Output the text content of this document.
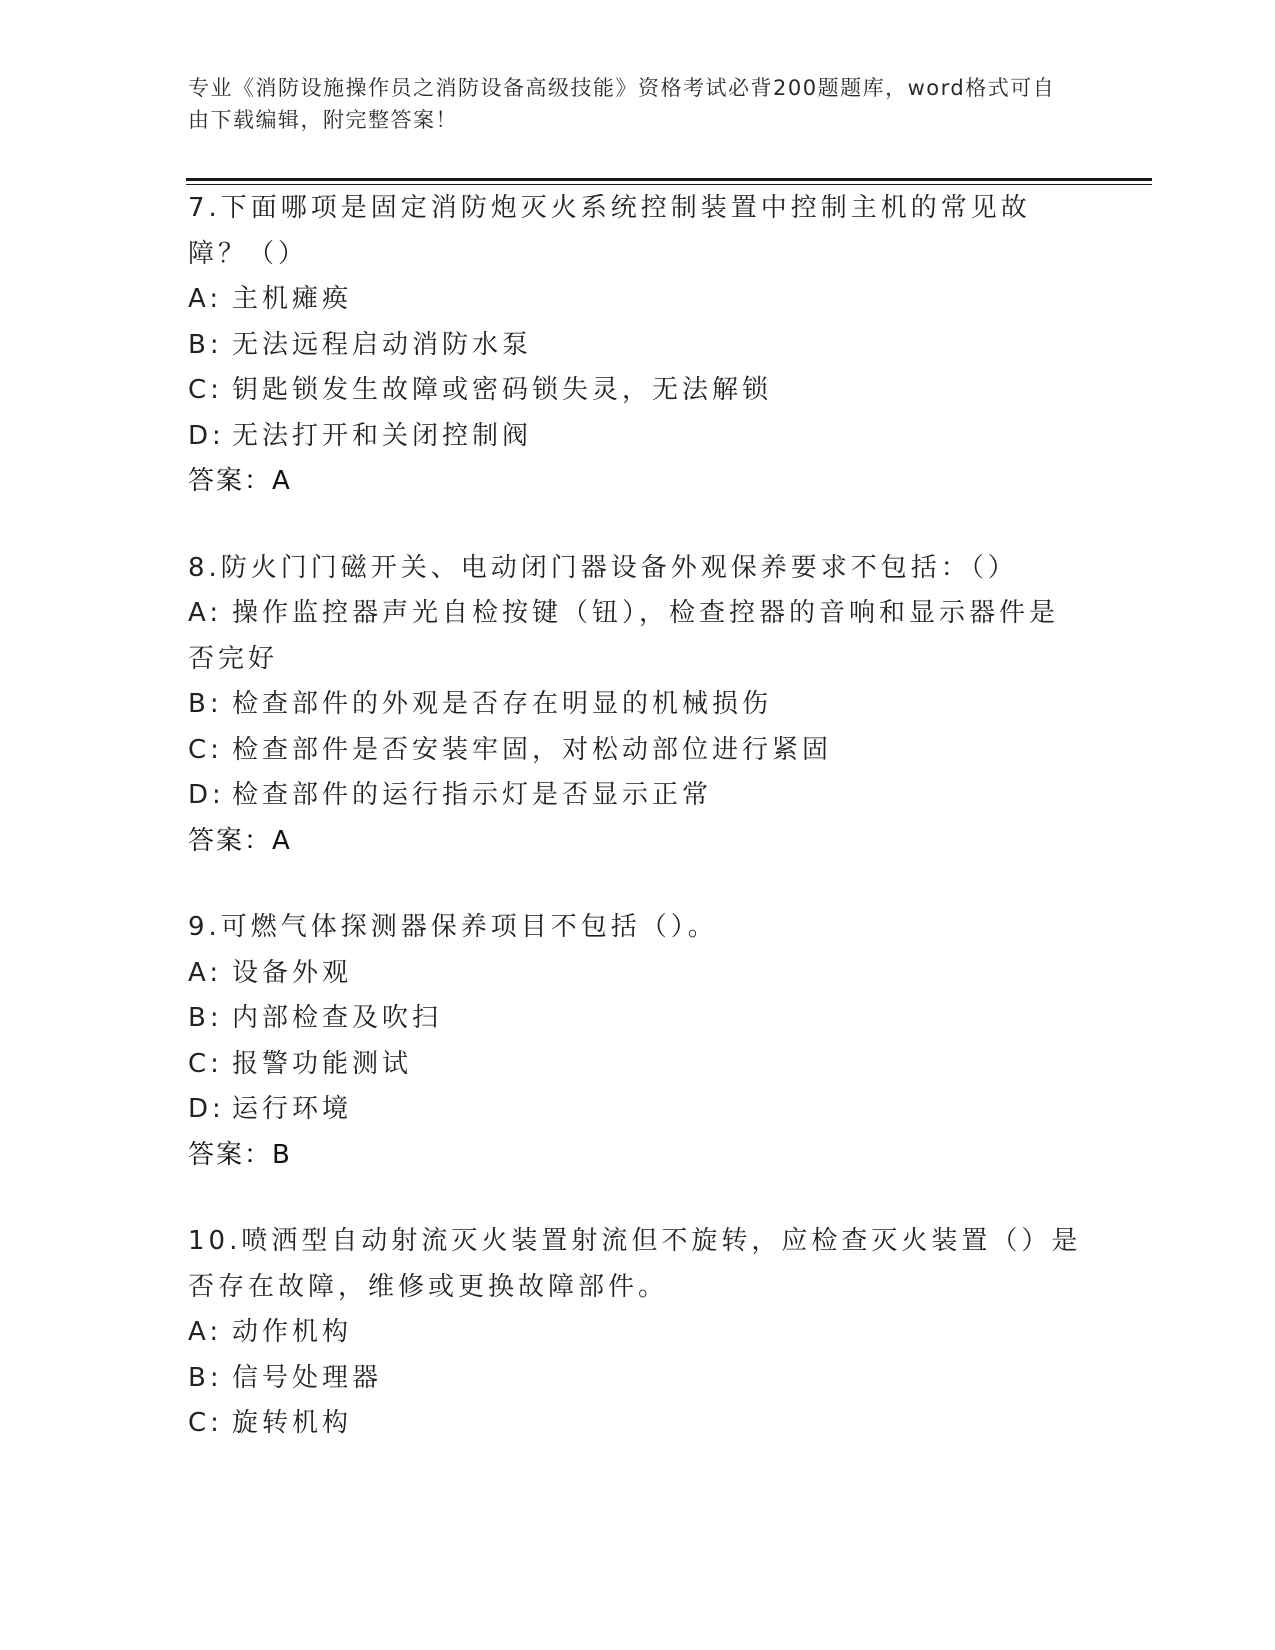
专业《消防设施操作员之消防设备高级技能》资格考试必背200题题库，word格式可自由下载编辑，附完整答案！
7.下面哪项是固定消防炮灭火系统控制装置中控制主机的常见故障？（）
A: 主机瘫痪
B: 无法远程启动消防水泵
C: 钥匙锁发生故障或密码锁失灵，无法解锁
D: 无法打开和关闭控制阀
答案：A
8.防火门门磁开关、电动闭门器设备外观保养要求不包括：（）
A: 操作监控器声光自检按键（钮），检查控器的音响和显示器件是否完好
B: 检查部件的外观是否存在明显的机械损伤
C: 检查部件是否安装牢固，对松动部位进行紧固
D: 检查部件的运行指示灯是否显示正常
答案：A
9.可燃气体探测器保养项目不包括（）。
A: 设备外观
B: 内部检查及吹扫
C: 报警功能测试
D: 运行环境
答案：B
10.喷洒型自动射流灭火装置射流但不旋转，应检查灭火装置（）是否存在故障，维修或更换故障部件。
A: 动作机构
B: 信号处理器
C: 旋转机构
